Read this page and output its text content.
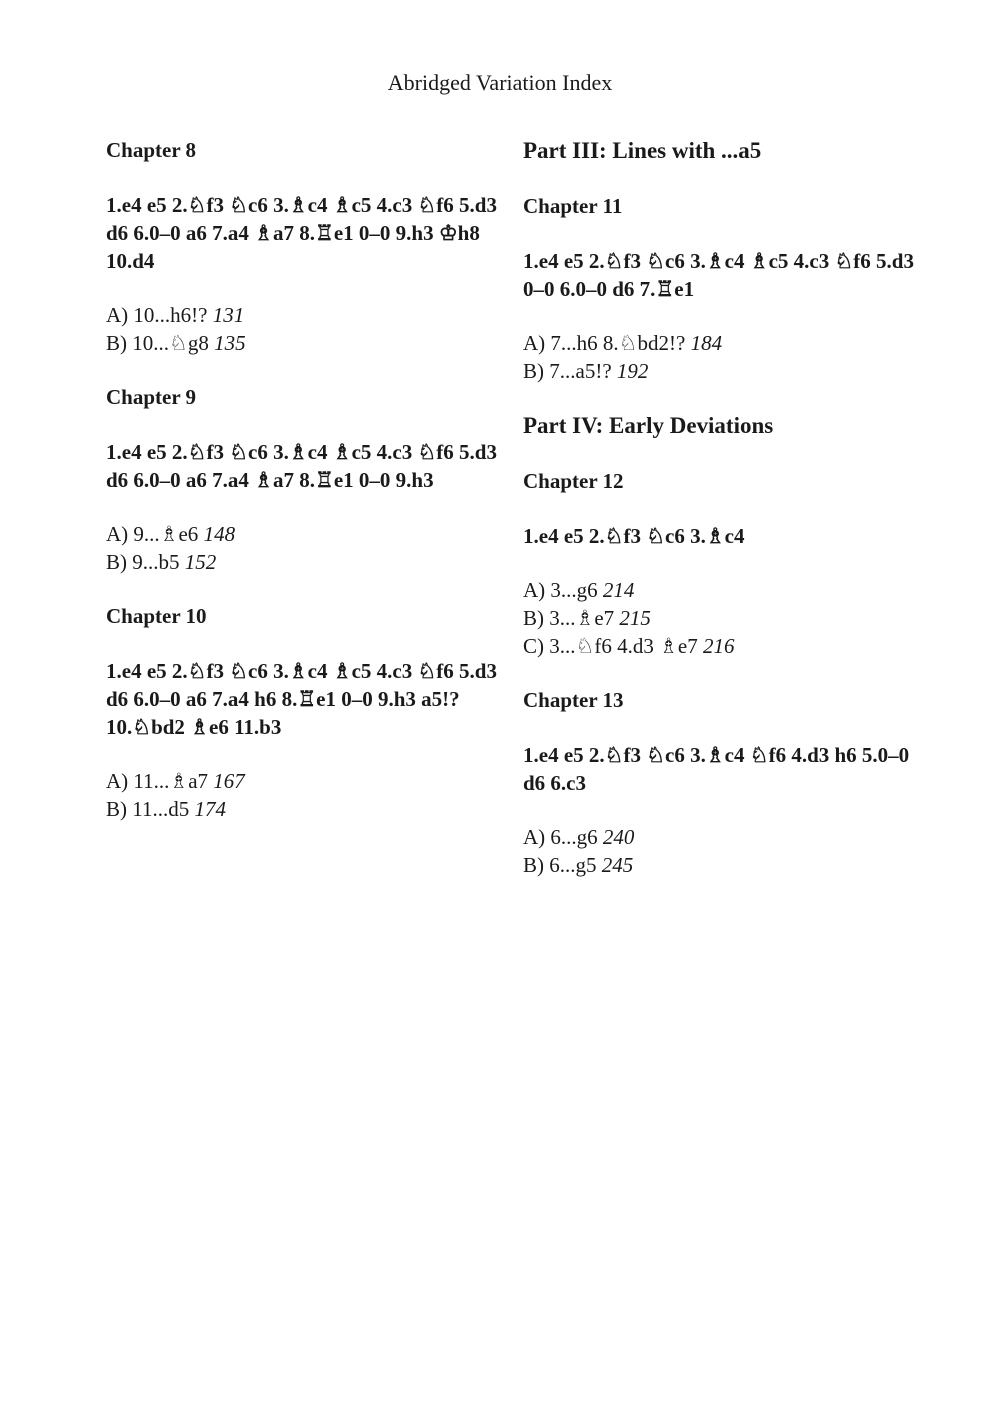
Abridged Variation Index
Chapter 8
1.e4 e5 2.♘f3 ♘c6 3.♗c4 ♗c5 4.c3 ♘f6 5.d3 d6 6.0–0 a6 7.a4 ♗a7 8.♖e1 0–0 9.h3 ♔h8 10.d4
A) 10...h6!? 131
B) 10...♘g8 135
Chapter 9
1.e4 e5 2.♘f3 ♘c6 3.♗c4 ♗c5 4.c3 ♘f6 5.d3 d6 6.0–0 a6 7.a4 ♗a7 8.♖e1 0–0 9.h3
A) 9...♗e6 148
B) 9...b5 152
Chapter 10
1.e4 e5 2.♘f3 ♘c6 3.♗c4 ♗c5 4.c3 ♘f6 5.d3 d6 6.0–0 a6 7.a4 h6 8.♖e1 0–0 9.h3 a5!? 10.♘bd2 ♗e6 11.b3
A) 11...♗a7 167
B) 11...d5 174
Part III: Lines with ...a5
Chapter 11
1.e4 e5 2.♘f3 ♘c6 3.♗c4 ♗c5 4.c3 ♘f6 5.d3 0–0 6.0–0 d6 7.♖e1
A) 7...h6 8.♘bd2!? 184
B) 7...a5!? 192
Part IV: Early Deviations
Chapter 12
1.e4 e5 2.♘f3 ♘c6 3.♗c4
A) 3...g6 214
B) 3...♗e7 215
C) 3...♘f6 4.d3 ♗e7 216
Chapter 13
1.e4 e5 2.♘f3 ♘c6 3.♗c4 ♘f6 4.d3 h6 5.0–0 d6 6.c3
A) 6...g6 240
B) 6...g5 245
